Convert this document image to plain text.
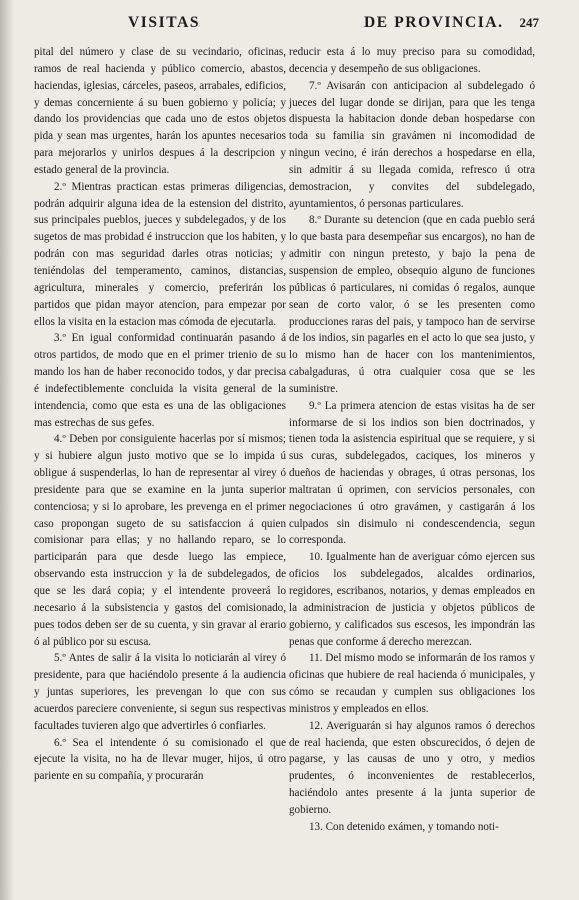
VISITAS	DE PROVINCIA. 247

pital del número y clase de su vecindario, oficinas, ramos de real hacienda y público comercio, abastos, haciendas, iglesias, cárceles, paseos, arrabales, edificios, y demas concerniente á su buen gobierno y policía; y dando los providencias que cada uno de estos objetos pida y sean mas urgentes, harán los apuntes necesarios para mejorarlos y unirlos despues á la descripcion y estado general de la provincia.

2.º Mientras practican estas primeras diligencias, podrán adquirir alguna idea de la estension del distrito, sus principales pueblos, jueces y subdelegados, y de los sugetos de mas probidad é instruccion que los habiten, y podrán con mas seguridad darles otras noticias; y teniéndolas del temperamento, caminos, distancias, agricultura, minerales y comercio, preferirán los partidos que pidan mayor atencion, para empezar por ellos la visita en la estacion mas cómoda de ejecutarla.

3.º En igual conformidad continuarán pasando á otros partidos, de modo que en el primer trienio de su mando los han de haber reconocido todos, y dar precisa é indefectiblemente concluida la visita general de la intendencia, como que esta es una de las obligaciones mas estrechas de sus gefes.

4.º Deben por consiguiente hacerlas por sí mismos; y si hubiere algun justo motivo que se lo impida ú obligue á suspenderlas, lo han de representar al virey ó presidente para que se examine en la junta superior contenciosa; y si lo aprobare, les prevenga en el primer caso propongan sugeto de su satisfaccion á quien comisionar para ellas; y no hallando reparo, se lo participarán para que desde luego las empiece, observando esta instruccion y la de subdelegados, de que se les dará copia; y el intendente proveerá lo necesario á la subsistencia y gastos del comisionado, pues todos deben ser de su cuenta, y sin gravar al erario ó al público por su escusa.

5.º Antes de salir á la visita lo noticiarán al virey ó presidente, para que haciéndolo presente á la audiencia y juntas superiores, les prevengan lo que con sus acuerdos pareciere conveniente, si segun sus respectivas facultades tuvieren algo que advertirles ó confiarles.

6.º Sea el intendente ó su comisionado el que ejecute la visita, no ha de llevar muger, hijos, ú otro pariente en su compañía, y procurarán

reducir esta á lo muy preciso para su comodidad, decencia y desempeño de sus obligaciones.

7.º Avisarán con anticipacion al subdelegado ó jueces del lugar donde se dirijan, para que les tenga dispuesta la habitacion donde deban hospedarse con toda su familia sin gravámen ni incomodidad de ningun vecino, é irán derechos a hospedarse en ella, sin admitir á su llegada comida, refresco ú otra demostracion, y convites del subdelegado, ayuntamientos, ó personas particulares.

8.º Durante su detencion (que en cada pueblo será lo que basta para desempeñar sus encargos), no han de admitir con ningun pretesto, y bajo la pena de suspension de empleo, obsequio alguno de funciones públicas ó particulares, ni comidas ó regalos, aunque sean de corto valor, ó se les presenten como producciones raras del pais, y tampoco han de servirse de los indios, sin pagarles en el acto lo que sea justo, y lo mismo han de hacer con los mantenimientos, cabalgaduras, ú otra cualquier cosa que se les suministre.

9.º La primera atencion de estas visitas ha de ser informarse de si los indios son bien doctrinados, y tienen toda la asistencia espiritual que se requiere, y si sus curas, subdelegados, caciques, los mineros y dueños de haciendas y obrages, ú otras personas, los maltratan ú oprimen, con servicios personales, con negociaciones ú otro gravámen, y castigarán á los culpados sin disimulo ni condescendencia, segun corresponda.

10. Igualmente han de averiguar cómo ejercen sus oficios los subdelegados, alcaldes ordinarios, regidores, escribanos, notarios, y demas empleados en la administracion de justicia y objetos públicos de gobierno, y calificados sus escesos, les impondrán las penas que conforme á derecho merezcan.

11. Del mismo modo se informarán de los ramos y oficinas que hubiere de real hacienda ó municipales, y cómo se recaudan y cumplen sus obligaciones los ministros y empleados en ellos.

12. Averiguarán si hay algunos ramos ó derechos de real hacienda, que esten obscurecidos, ó dejen de pagarse, y las causas de uno y otro, y medios prudentes, ó inconvenientes de restablecerlos, haciéndolo antes presente á la junta superior de gobierno.

13. Con detenido exámen, y tomando noti-
